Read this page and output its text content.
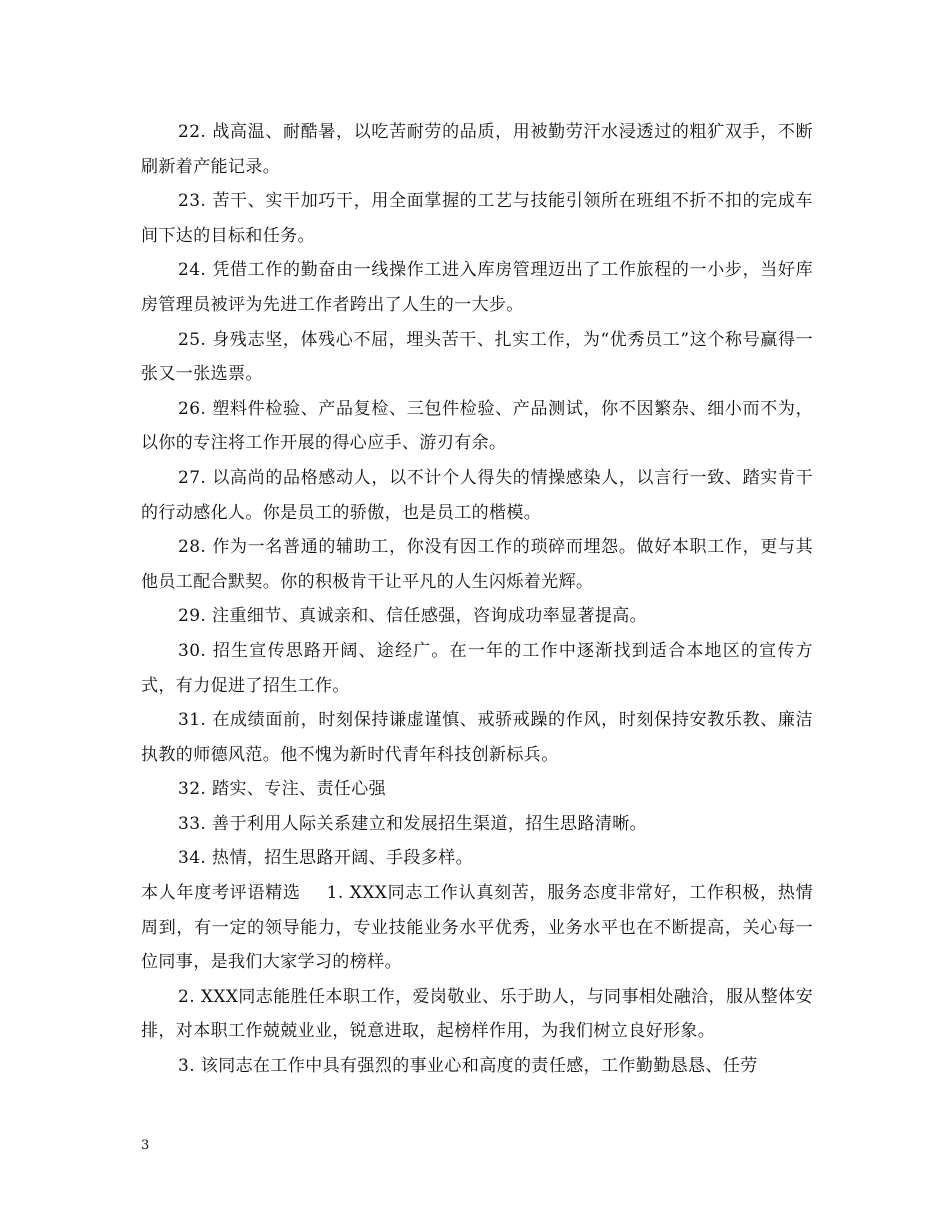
22. 战高温、耐酷暑，以吃苦耐劳的品质，用被勤劳汗水浸透过的粗犷双手，不断刷新着产能记录。

23. 苦干、实干加巧干，用全面掌握的工艺与技能引领所在班组不折不扣的完成车间下达的目标和任务。

24. 凭借工作的勤奋由一线操作工进入库房管理迈出了工作旅程的一小步，当好库房管理员被评为先进工作者跨出了人生的一大步。

25. 身残志坚，体残心不屈，埋头苦干、扎实工作，为“优秀员工”这个称号赢得一张又一张选票。

26. 塑料件检验、产品复检、三包件检验、产品测试，你不因繁杂、细小而不为，以你的专注将工作开展的得心应手、游刃有余。

27. 以高尚的品格感动人，以不计个人得失的情操感染人，以言行一致、踏实肯干的行动感化人。你是员工的骄傲，也是员工的楷模。

28. 作为一名普通的辅助工，你没有因工作的琐碎而埋怨。做好本职工作，更与其他员工配合默契。你的积极肯干让平凡的人生闪烁着光辉。

29. 注重细节、真诚亲和、信任感强，咨询成功率显著提高。

30. 招生宣传思路开阔、途经广。在一年的工作中逐渐找到适合本地区的宣传方式，有力促进了招生工作。

31. 在成绩面前，时刻保持谦虚谨慎、戒骄戒躁的作风，时刻保持安教乐教、廉洁执教的师德风范。他不愧为新时代青年科技创新标兵。

32. 踏实、专注、责任心强

33. 善于利用人际关系建立和发展招生渠道，招生思路清晰。

34. 热情，招生思路开阔、手段多样。

本人年度考评语精选 1. XXX同志工作认真刻苦，服务态度非常好，工作积极，热情周到，有一定的领导能力，专业技能业务水平优秀，业务水平也在不断提高，关心每一位同事，是我们大家学习的榜样。

2. XXX同志能胜任本职工作，爱岗敬业、乐于助人，与同事相处融洽，服从整体安排，对本职工作兢兢业业，锐意进取，起榜样作用，为我们树立良好形象。

3. 该同志在工作中具有强烈的事业心和高度的责任感，工作勤勤恳恳、任劳

3
